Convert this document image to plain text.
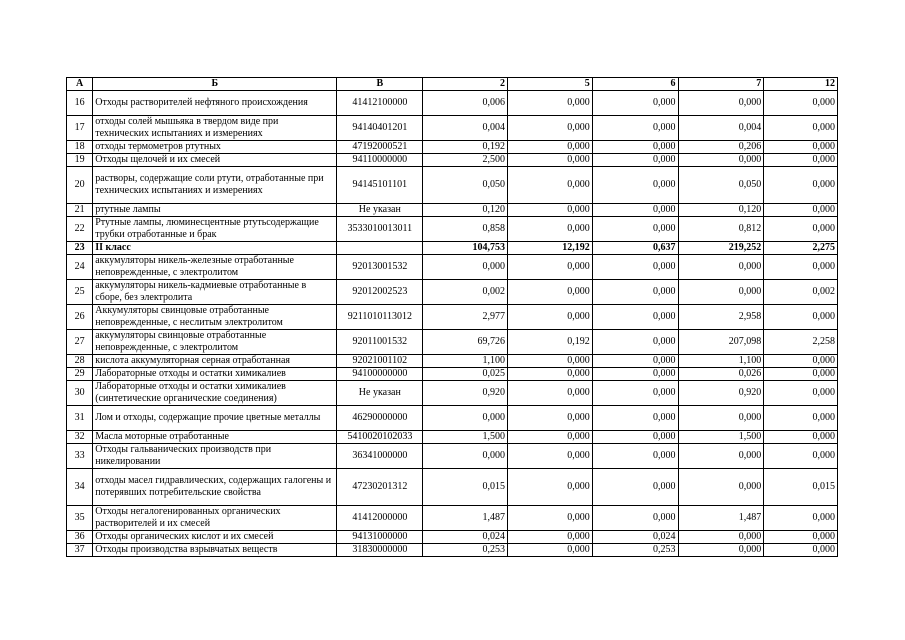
А	Б	В	2	5	6	7	12
16	Отходы растворителей нефтяного происхождения	41412100000	0,006	0,000	0,000	0,000	0,000
17	отходы солей мышьяка в твердом виде при технических испытаниях и измерениях	94140401201	0,004	0,000	0,000	0,004	0,000
18	отходы термометров ртутных	47192000521	0,192	0,000	0,000	0,206	0,000
19	Отходы щелочей и их смесей	94110000000	2,500	0,000	0,000	0,000	0,000
20	растворы, содержащие соли ртути, отработанные при технических испытаниях и измерениях	94145101101	0,050	0,000	0,000	0,050	0,000
21	ртутные лампы	Не указан	0,120	0,000	0,000	0,120	0,000
22	Ртутные лампы, люминесцентные ртутьсодержащие трубки отработанные и брак	3533010013011	0,858	0,000	0,000	0,812	0,000
23	II класс		104,753	12,192	0,637	219,252	2,275
24	аккумуляторы никель-железные отработанные неповрежденные, с электролитом	92013001532	0,000	0,000	0,000	0,000	0,000
25	аккумуляторы никель-кадмиевые отработанные в сборе, без электролита	92012002523	0,002	0,000	0,000	0,000	0,002
26	Аккумуляторы свинцовые отработанные неповрежденные, с неслитым электролитом	9211010113012	2,977	0,000	0,000	2,958	0,000
27	аккумуляторы свинцовые отработанные неповрежденные, с электролитом	92011001532	69,726	0,192	0,000	207,098	2,258
28	кислота аккумуляторная серная отработанная	92021001102	1,100	0,000	0,000	1,100	0,000
29	Лабораторные отходы и остатки химикалиев	94100000000	0,025	0,000	0,000	0,026	0,000
30	Лабораторные отходы и остатки химикалиев (синтетические органические соединения)	Не указан	0,920	0,000	0,000	0,920	0,000
31	Лом и отходы, содержащие прочие цветные металлы	46290000000	0,000	0,000	0,000	0,000	0,000
32	Масла моторные отработанные	5410020102033	1,500	0,000	0,000	1,500	0,000
33	Отходы гальванических производств при никелировании	36341000000	0,000	0,000	0,000	0,000	0,000
34	отходы масел гидравлических, содержащих галогены и потерявших потребительские свойства	47230201312	0,015	0,000	0,000	0,000	0,015
35	Отходы негалогенированных органических растворителей и их смесей	41412000000	1,487	0,000	0,000	1,487	0,000
36	Отходы органических кислот и их смесей	94131000000	0,024	0,000	0,024	0,000	0,000
37	Отходы производства взрывчатых веществ	31830000000	0,253	0,000	0,253	0,000	0,000
